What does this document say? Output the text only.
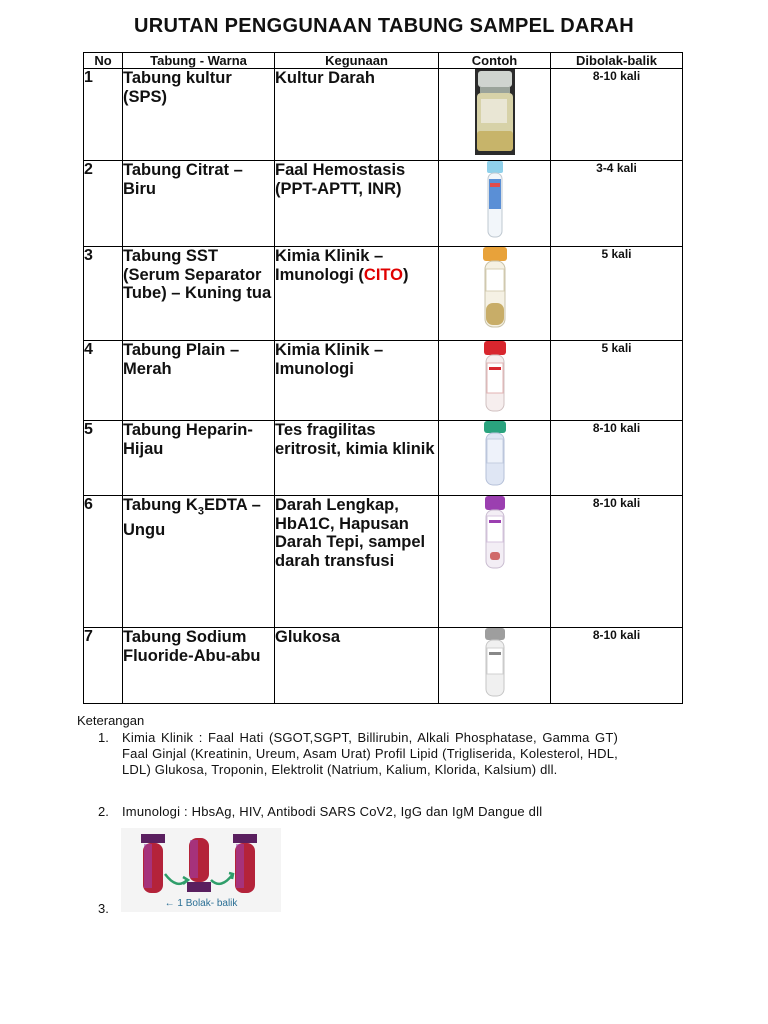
URUTAN PENGGUNAAN TABUNG SAMPEL DARAH
No	Tabung - Warna	Kegunaan	Contoh	Dibolak-balik
1	Tabung kultur (SPS)	Kultur Darah		8-10 kali
2	Tabung Citrat – Biru	Faal Hemostasis (PPT-APTT, INR)		3-4 kali
3	Tabung SST (Serum Separator Tube) – Kuning tua	Kimia Klinik – Imunologi (CITO)		5 kali
4	Tabung Plain – Merah	Kimia Klinik – Imunologi		5 kali
5	Tabung Heparin-Hijau	Tes fragilitas eritrosit, kimia klinik		8-10 kali
6	Tabung $K_3EDTA$ – Ungu	Darah Lengkap, HbA1C, Hapusan Darah Tepi, sampel darah transfusi		8-10 kali
7	Tabung Sodium Fluoride-Abu-abu	Glukosa		8-10 kali
Keterangan
1. Kimia Klinik : Faal Hati (SGOT,SGPT, Billirubin, Alkali Phosphatase, Gamma GT) Faal Ginjal (Kreatinin, Ureum, Asam Urat) Profil Lipid (Trigliserida, Kolesterol, HDL, LDL) Glukosa, Troponin, Elektrolit (Natrium, Kalium, Klorida, Kalsium) dll.
2. Imunologi : HbsAg, HIV, Antibodi SARS CoV2, IgG dan IgM Dangue dll
3.	← 1 Bolak- balik
